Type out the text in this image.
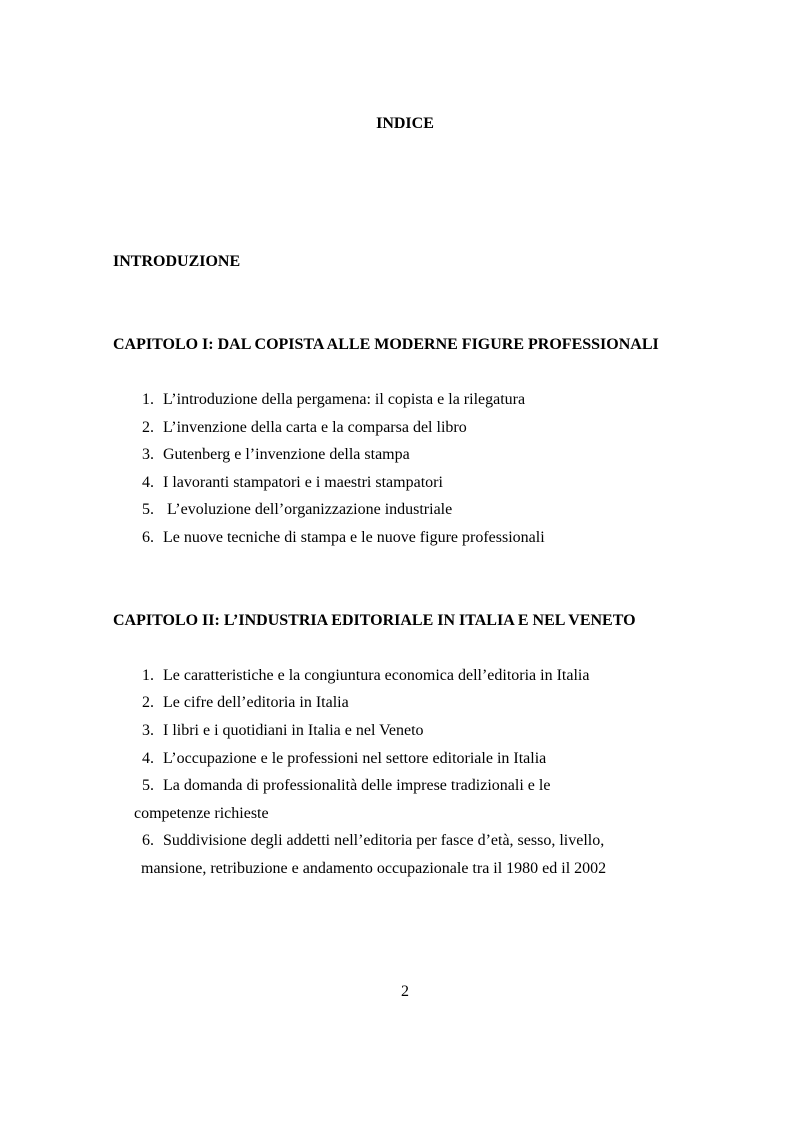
INDICE
INTRODUZIONE
CAPITOLO I: DAL COPISTA ALLE MODERNE FIGURE PROFESSIONALI
1. L’introduzione della pergamena: il copista e la rilegatura
2. L’invenzione della carta e la comparsa del libro
3. Gutenberg e l’invenzione della stampa
4. I lavoranti stampatori e i maestri stampatori
5. L’evoluzione dell’organizzazione industriale
6. Le nuove tecniche di stampa e le nuove figure professionali
CAPITOLO II: L’INDUSTRIA EDITORIALE IN ITALIA E NEL VENETO
1. Le caratteristiche e la congiuntura economica dell’editoria in Italia
2. Le cifre dell’editoria in Italia
3. I libri e i quotidiani in Italia e nel Veneto
4. L’occupazione e le professioni nel settore editoriale in Italia
5. La domanda di professionalità delle imprese tradizionali e le
competenze richieste
6. Suddivisione degli addetti nell’editoria per fasce d’età, sesso, livello,
mansione, retribuzione e andamento occupazionale tra il 1980 ed il 2002
2
